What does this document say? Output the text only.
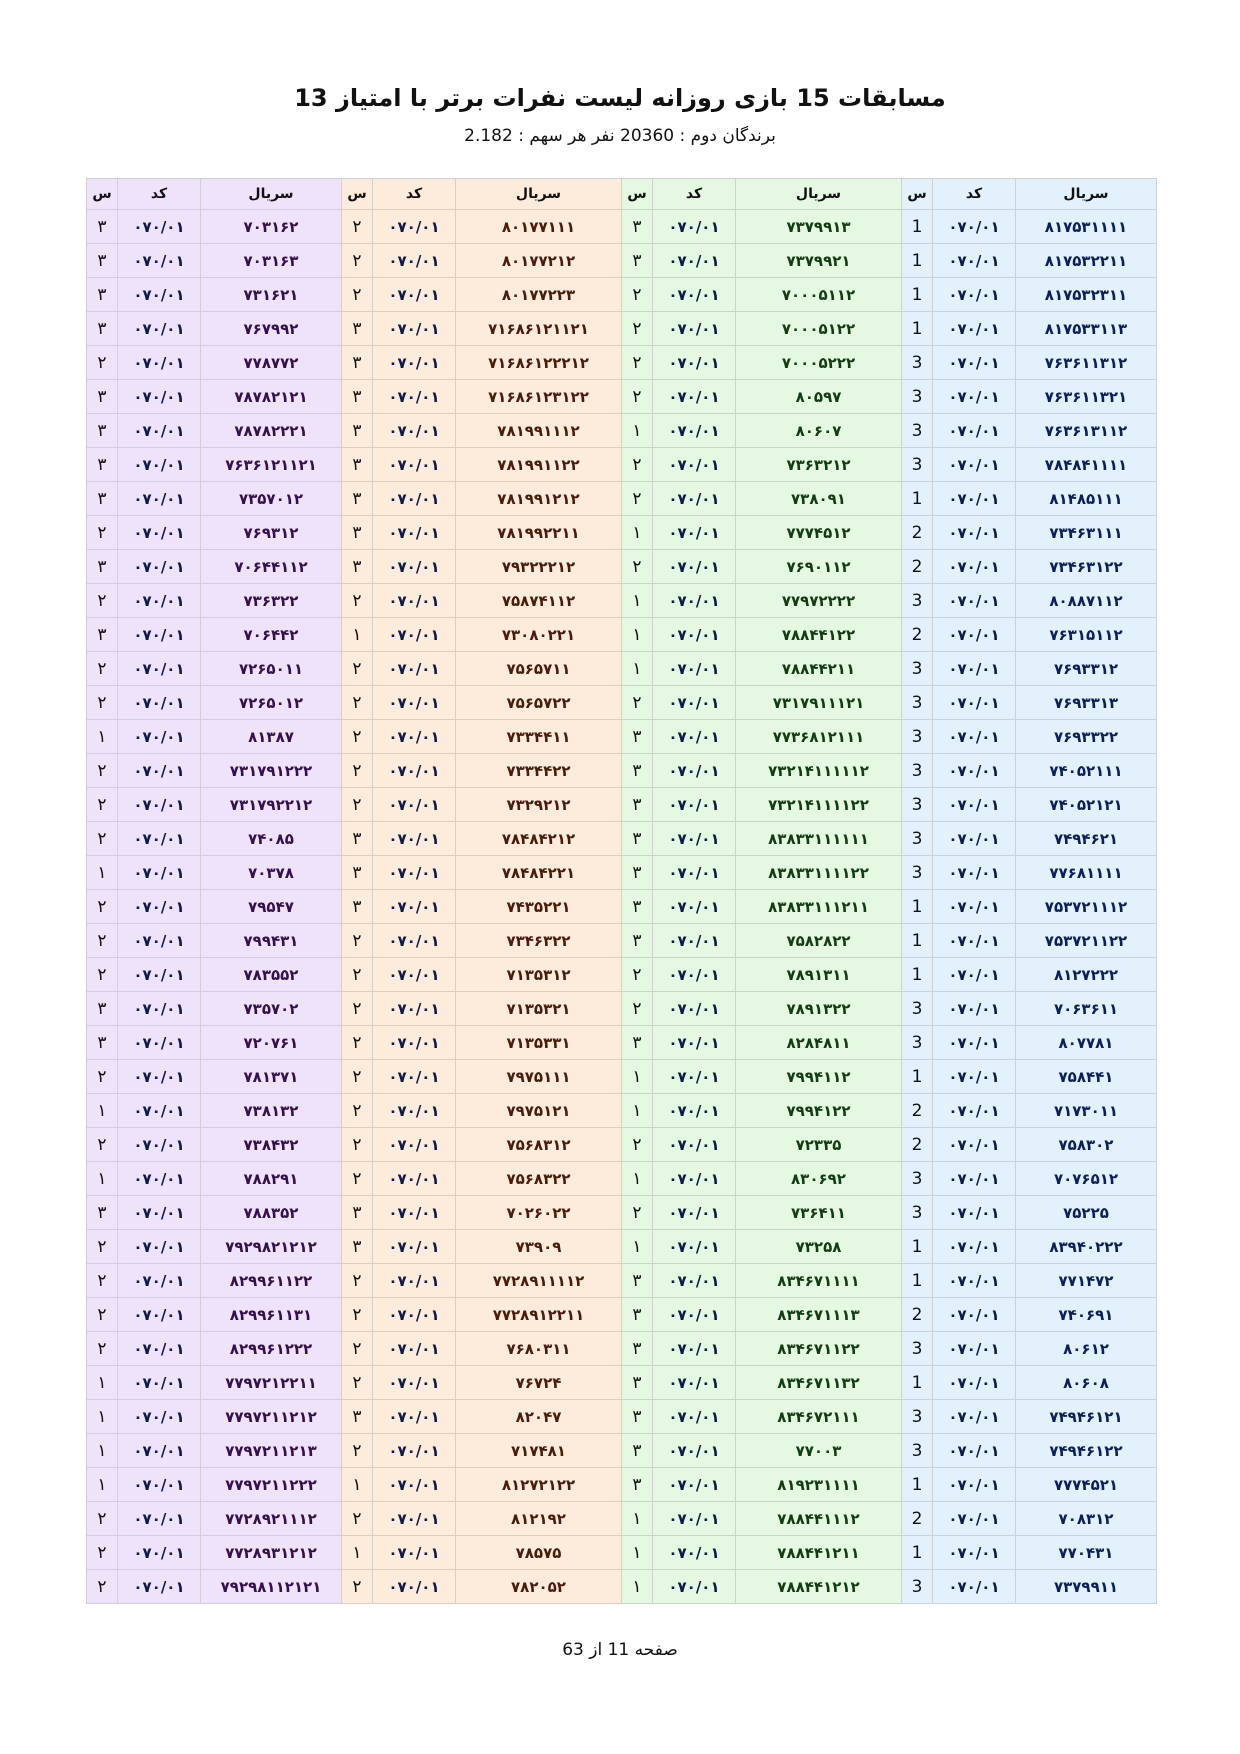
مسابقات 15 بازی روزانه لیست نفرات برتر با امتیاز 13
برندگان دوم : 20360 نفر هر سهم : 2.182
سریال	کد	س	سریال	کد	س	سریال	کد	س	سریال	کد	س
۸۱۷۵۳۱۱۱۱	۰۷۰/۰۱	1	۷۳۷۹۹۱۳	۰۷۰/۰۱	۳	۸۰۱۷۷۱۱۱	۰۷۰/۰۱	۲	۷۰۳۱۶۲	۰۷۰/۰۱	۳
۸۱۷۵۳۲۲۱۱	۰۷۰/۰۱	1	۷۳۷۹۹۲۱	۰۷۰/۰۱	۳	۸۰۱۷۷۲۱۲	۰۷۰/۰۱	۲	۷۰۳۱۶۳	۰۷۰/۰۱	۳
۸۱۷۵۳۲۳۱۱	۰۷۰/۰۱	1	۷۰۰۰۵۱۱۲	۰۷۰/۰۱	۲	۸۰۱۷۷۲۲۳	۰۷۰/۰۱	۲	۷۳۱۶۲۱	۰۷۰/۰۱	۳
۸۱۷۵۳۳۱۱۳	۰۷۰/۰۱	1	۷۰۰۰۵۱۲۲	۰۷۰/۰۱	۲	۷۱۶۸۶۱۲۱۱۲۱	۰۷۰/۰۱	۳	۷۶۷۹۹۲	۰۷۰/۰۱	۳
۷۶۳۶۱۱۳۱۲	۰۷۰/۰۱	3	۷۰۰۰۵۲۲۲	۰۷۰/۰۱	۲	۷۱۶۸۶۱۲۲۲۱۲	۰۷۰/۰۱	۳	۷۷۸۷۷۲	۰۷۰/۰۱	۲
۷۶۳۶۱۱۳۲۱	۰۷۰/۰۱	3	۸۰۵۹۷	۰۷۰/۰۱	۲	۷۱۶۸۶۱۲۳۱۲۲	۰۷۰/۰۱	۳	۷۸۷۸۲۱۲۱	۰۷۰/۰۱	۳
۷۶۳۶۱۳۱۱۲	۰۷۰/۰۱	3	۸۰۶۰۷	۰۷۰/۰۱	۱	۷۸۱۹۹۱۱۱۲	۰۷۰/۰۱	۳	۷۸۷۸۲۲۲۱	۰۷۰/۰۱	۳
۷۸۴۸۴۱۱۱۱	۰۷۰/۰۱	3	۷۳۶۳۲۱۲	۰۷۰/۰۱	۲	۷۸۱۹۹۱۱۲۲	۰۷۰/۰۱	۳	۷۶۳۶۱۲۱۱۲۱	۰۷۰/۰۱	۳
۸۱۴۸۵۱۱۱	۰۷۰/۰۱	1	۷۳۸۰۹۱	۰۷۰/۰۱	۲	۷۸۱۹۹۱۲۱۲	۰۷۰/۰۱	۳	۷۳۵۷۰۱۲	۰۷۰/۰۱	۳
۷۳۴۶۳۱۱۱	۰۷۰/۰۱	2	۷۷۷۴۵۱۲	۰۷۰/۰۱	۱	۷۸۱۹۹۲۲۱۱	۰۷۰/۰۱	۳	۷۶۹۳۱۲	۰۷۰/۰۱	۲
۷۳۴۶۳۱۲۲	۰۷۰/۰۱	2	۷۶۹۰۱۱۲	۰۷۰/۰۱	۲	۷۹۳۲۲۲۱۲	۰۷۰/۰۱	۳	۷۰۶۴۴۱۱۲	۰۷۰/۰۱	۳
۸۰۸۸۷۱۱۲	۰۷۰/۰۱	3	۷۷۹۷۲۲۲۲	۰۷۰/۰۱	۱	۷۵۸۷۴۱۱۲	۰۷۰/۰۱	۲	۷۳۶۳۲۲	۰۷۰/۰۱	۲
۷۶۳۱۵۱۱۲	۰۷۰/۰۱	2	۷۸۸۴۴۱۲۲	۰۷۰/۰۱	۱	۷۳۰۸۰۲۲۱	۰۷۰/۰۱	۱	۷۰۶۴۴۲	۰۷۰/۰۱	۳
۷۶۹۳۳۱۲	۰۷۰/۰۱	3	۷۸۸۴۴۲۱۱	۰۷۰/۰۱	۱	۷۵۶۵۷۱۱	۰۷۰/۰۱	۲	۷۲۶۵۰۱۱	۰۷۰/۰۱	۲
۷۶۹۳۳۱۳	۰۷۰/۰۱	3	۷۳۱۷۹۱۱۱۲۱	۰۷۰/۰۱	۲	۷۵۶۵۷۲۲	۰۷۰/۰۱	۲	۷۲۶۵۰۱۲	۰۷۰/۰۱	۲
۷۶۹۳۳۲۲	۰۷۰/۰۱	3	۷۷۳۶۸۱۲۱۱۱	۰۷۰/۰۱	۳	۷۳۳۴۴۱۱	۰۷۰/۰۱	۲	۸۱۳۸۷	۰۷۰/۰۱	۱
۷۴۰۵۲۱۱۱	۰۷۰/۰۱	3	۷۳۲۱۴۱۱۱۱۱۲	۰۷۰/۰۱	۳	۷۳۳۴۴۲۲	۰۷۰/۰۱	۲	۷۳۱۷۹۱۲۲۲	۰۷۰/۰۱	۲
۷۴۰۵۲۱۲۱	۰۷۰/۰۱	3	۷۳۲۱۴۱۱۱۱۲۲	۰۷۰/۰۱	۳	۷۳۲۹۲۱۲	۰۷۰/۰۱	۲	۷۳۱۷۹۲۲۱۲	۰۷۰/۰۱	۲
۷۴۹۴۶۲۱	۰۷۰/۰۱	3	۸۳۸۳۳۱۱۱۱۱۱	۰۷۰/۰۱	۳	۷۸۴۸۴۲۱۲	۰۷۰/۰۱	۳	۷۴۰۸۵	۰۷۰/۰۱	۲
۷۷۶۸۱۱۱۱	۰۷۰/۰۱	3	۸۳۸۳۳۱۱۱۱۲۲	۰۷۰/۰۱	۳	۷۸۴۸۴۲۲۱	۰۷۰/۰۱	۳	۷۰۳۷۸	۰۷۰/۰۱	۱
۷۵۳۷۲۱۱۱۲	۰۷۰/۰۱	1	۸۳۸۳۳۱۱۱۲۱۱	۰۷۰/۰۱	۳	۷۴۳۵۲۲۱	۰۷۰/۰۱	۳	۷۹۵۴۷	۰۷۰/۰۱	۲
۷۵۳۷۲۱۱۲۲	۰۷۰/۰۱	1	۷۵۸۲۸۲۲	۰۷۰/۰۱	۳	۷۳۴۶۳۲۲	۰۷۰/۰۱	۲	۷۹۹۴۳۱	۰۷۰/۰۱	۲
۸۱۲۷۲۲۲	۰۷۰/۰۱	1	۷۸۹۱۳۱۱	۰۷۰/۰۱	۲	۷۱۳۵۳۱۲	۰۷۰/۰۱	۲	۷۸۳۵۵۲	۰۷۰/۰۱	۲
۷۰۶۳۶۱۱	۰۷۰/۰۱	3	۷۸۹۱۳۲۲	۰۷۰/۰۱	۲	۷۱۳۵۳۲۱	۰۷۰/۰۱	۲	۷۳۵۷۰۲	۰۷۰/۰۱	۳
۸۰۷۷۸۱	۰۷۰/۰۱	3	۸۲۸۴۸۱۱	۰۷۰/۰۱	۳	۷۱۳۵۳۳۱	۰۷۰/۰۱	۲	۷۲۰۷۶۱	۰۷۰/۰۱	۳
۷۵۸۴۴۱	۰۷۰/۰۱	1	۷۹۹۴۱۱۲	۰۷۰/۰۱	۱	۷۹۷۵۱۱۱	۰۷۰/۰۱	۲	۷۸۱۳۷۱	۰۷۰/۰۱	۲
۷۱۷۳۰۱۱	۰۷۰/۰۱	2	۷۹۹۴۱۲۲	۰۷۰/۰۱	۱	۷۹۷۵۱۲۱	۰۷۰/۰۱	۲	۷۳۸۱۳۲	۰۷۰/۰۱	۱
۷۵۸۳۰۲	۰۷۰/۰۱	2	۷۲۳۳۵	۰۷۰/۰۱	۲	۷۵۶۸۳۱۲	۰۷۰/۰۱	۲	۷۳۸۴۳۲	۰۷۰/۰۱	۲
۷۰۷۶۵۱۲	۰۷۰/۰۱	3	۸۳۰۶۹۲	۰۷۰/۰۱	۱	۷۵۶۸۳۲۲	۰۷۰/۰۱	۲	۷۸۸۲۹۱	۰۷۰/۰۱	۱
۷۵۲۲۵	۰۷۰/۰۱	3	۷۳۶۴۱۱	۰۷۰/۰۱	۲	۷۰۲۶۰۲۲	۰۷۰/۰۱	۳	۷۸۸۳۵۲	۰۷۰/۰۱	۳
۸۳۹۴۰۲۲۲	۰۷۰/۰۱	1	۷۳۲۵۸	۰۷۰/۰۱	۱	۷۳۹۰۹	۰۷۰/۰۱	۳	۷۹۲۹۸۲۱۲۱۲	۰۷۰/۰۱	۲
۷۷۱۴۷۲	۰۷۰/۰۱	1	۸۳۴۶۷۱۱۱۱	۰۷۰/۰۱	۳	۷۷۲۸۹۱۱۱۱۲	۰۷۰/۰۱	۲	۸۲۹۹۶۱۱۲۲	۰۷۰/۰۱	۲
۷۴۰۶۹۱	۰۷۰/۰۱	2	۸۳۴۶۷۱۱۱۳	۰۷۰/۰۱	۳	۷۷۲۸۹۱۲۲۱۱	۰۷۰/۰۱	۲	۸۲۹۹۶۱۱۳۱	۰۷۰/۰۱	۲
۸۰۶۱۲	۰۷۰/۰۱	3	۸۳۴۶۷۱۱۲۲	۰۷۰/۰۱	۳	۷۶۸۰۳۱۱	۰۷۰/۰۱	۲	۸۲۹۹۶۱۲۲۲	۰۷۰/۰۱	۲
۸۰۶۰۸	۰۷۰/۰۱	1	۸۳۴۶۷۱۱۳۲	۰۷۰/۰۱	۳	۷۶۷۲۴	۰۷۰/۰۱	۲	۷۷۹۷۲۱۲۲۱۱	۰۷۰/۰۱	۱
۷۴۹۴۶۱۲۱	۰۷۰/۰۱	3	۸۳۴۶۷۲۱۱۱	۰۷۰/۰۱	۳	۸۲۰۴۷	۰۷۰/۰۱	۳	۷۷۹۷۲۱۱۲۱۲	۰۷۰/۰۱	۱
۷۴۹۴۶۱۲۲	۰۷۰/۰۱	3	۷۷۰۰۳	۰۷۰/۰۱	۳	۷۱۷۴۸۱	۰۷۰/۰۱	۲	۷۷۹۷۲۱۱۲۱۳	۰۷۰/۰۱	۱
۷۷۷۴۵۲۱	۰۷۰/۰۱	1	۸۱۹۲۳۱۱۱۱	۰۷۰/۰۱	۳	۸۱۲۷۲۱۲۲	۰۷۰/۰۱	۱	۷۷۹۷۲۱۱۲۲۲	۰۷۰/۰۱	۱
۷۰۸۳۱۲	۰۷۰/۰۱	2	۷۸۸۴۴۱۱۱۲	۰۷۰/۰۱	۱	۸۱۲۱۹۲	۰۷۰/۰۱	۲	۷۷۲۸۹۲۱۱۱۲	۰۷۰/۰۱	۲
۷۷۰۴۳۱	۰۷۰/۰۱	1	۷۸۸۴۴۱۲۱۱	۰۷۰/۰۱	۱	۷۸۵۷۵	۰۷۰/۰۱	۱	۷۷۲۸۹۳۱۲۱۲	۰۷۰/۰۱	۲
۷۳۷۹۹۱۱	۰۷۰/۰۱	3	۷۸۸۴۴۱۲۱۲	۰۷۰/۰۱	۱	۷۸۲۰۵۲	۰۷۰/۰۱	۲	۷۹۲۹۸۱۱۲۱۲۱	۰۷۰/۰۱	۲
صفحه 11 از 63
